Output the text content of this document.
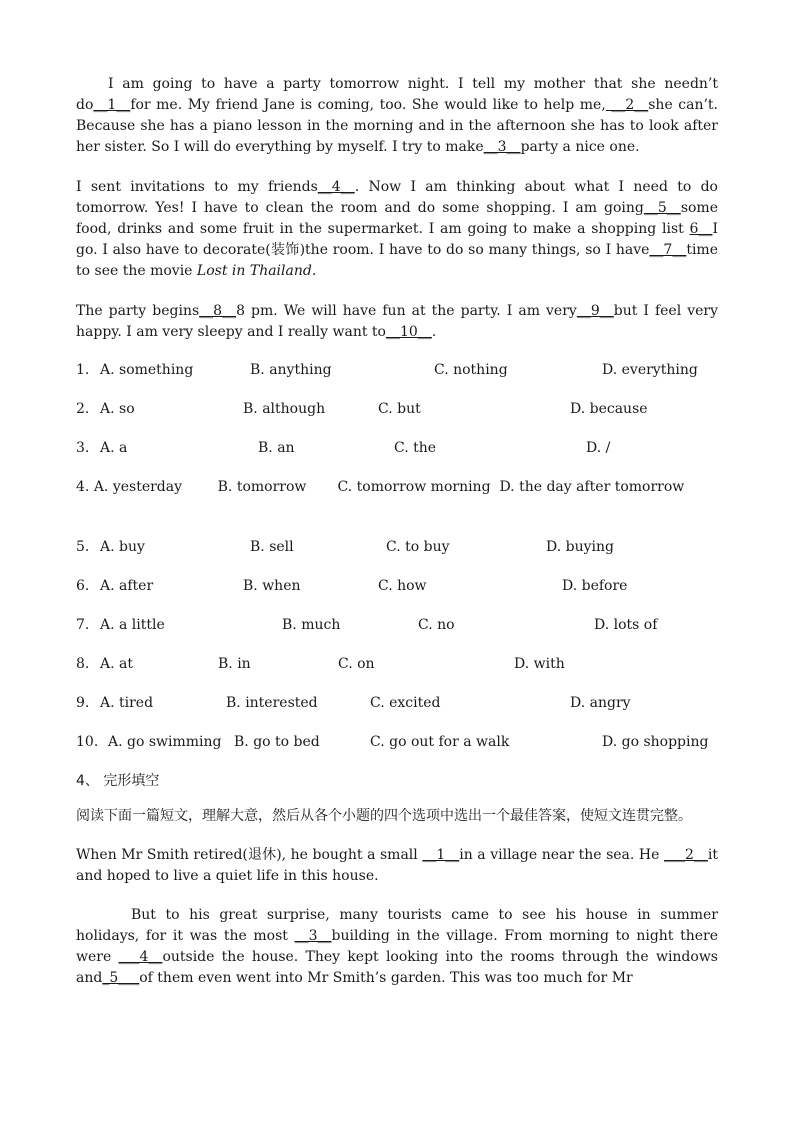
I am going to have a party tomorrow night. I tell my mother that she needn’t do__1__for me. My friend Jane is coming, too. She would like to help me, __2__she can’t. Because she has a piano lesson in the morning and in the afternoon she has to look after her sister. So I will do everything by myself. I try to make__3__party a nice one.

I sent invitations to my friends__4__. Now I am thinking about what I need to do tomorrow. Yes! I have to clean the room and do some shopping. I am going__5__some food, drinks and some fruit in the supermarket. I am going to make a shopping list 6__I go. I also have to decorate(装饰)the room. I have to do so many things, so I have__7__time to see the movie Lost in Thailand.

The party begins__8__8 pm. We will have fun at the party. I am very__9__but I feel very happy. I am very sleepy and I really want to__10__.

1. A. something	B. anything	C. nothing	D. everything
2. A. so	B. although	C. but	D. because
3. A. a	B. an	C. the	D. /
4. A. yesterday	B. tomorrow C. tomorrow morning D. the day after tomorrow
5. A. buy	B. sell	C. to buy	D. buying
6. A. after	B. when	C. how	D. before
7. A. a little	B. much	C. no	D. lots of
8. A. at	B. in	C. on	D. with
9. A. tired	B. interested	C. excited	D. angry
10. A. go swimming B. go to bed	C. go out for a walk	D. go shopping

4、 完形填空

阅读下面一篇短文，理解大意，然后从各个小题的四个选项中选出一个最佳答案，使短文连贯完整。

When Mr Smith retired(退休), he bought a small __1__in a village near the sea. He ___2__it and hoped to live a quiet life in this house.

But to his great surprise, many tourists came to see his house in summer holidays, for it was the most __3__building in the village. From morning to night there were ___4__outside the house. They kept looking into the rooms through the windows and_5___of them even went into Mr Smith’s garden. This was too much for Mr
